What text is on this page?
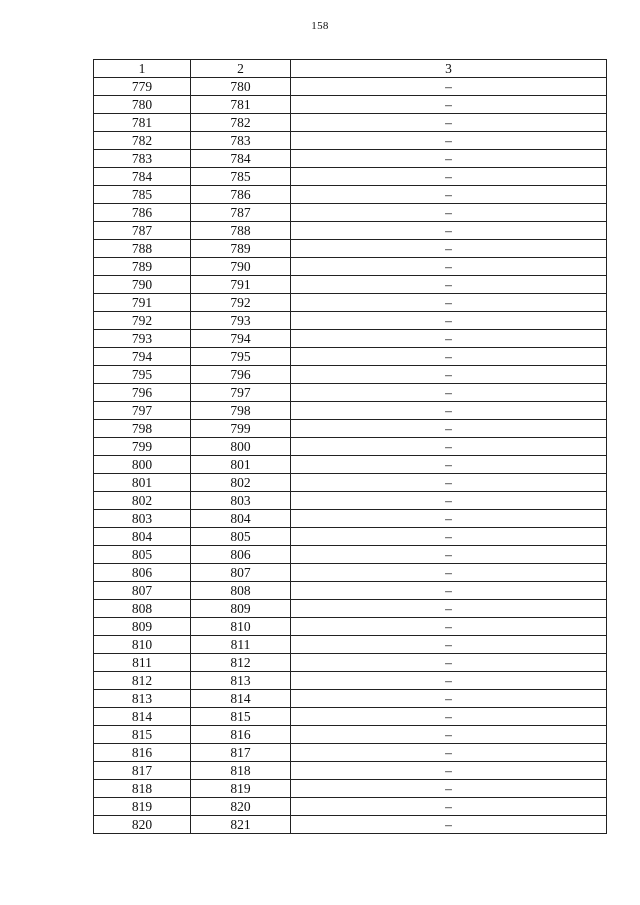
158
1	2	3
779	780	–
780	781	–
781	782	–
782	783	–
783	784	–
784	785	–
785	786	–
786	787	–
787	788	–
788	789	–
789	790	–
790	791	–
791	792	–
792	793	–
793	794	–
794	795	–
795	796	–
796	797	–
797	798	–
798	799	–
799	800	–
800	801	–
801	802	–
802	803	–
803	804	–
804	805	–
805	806	–
806	807	–
807	808	–
808	809	–
809	810	–
810	811	–
811	812	–
812	813	–
813	814	–
814	815	–
815	816	–
816	817	–
817	818	–
818	819	–
819	820	–
820	821	–
